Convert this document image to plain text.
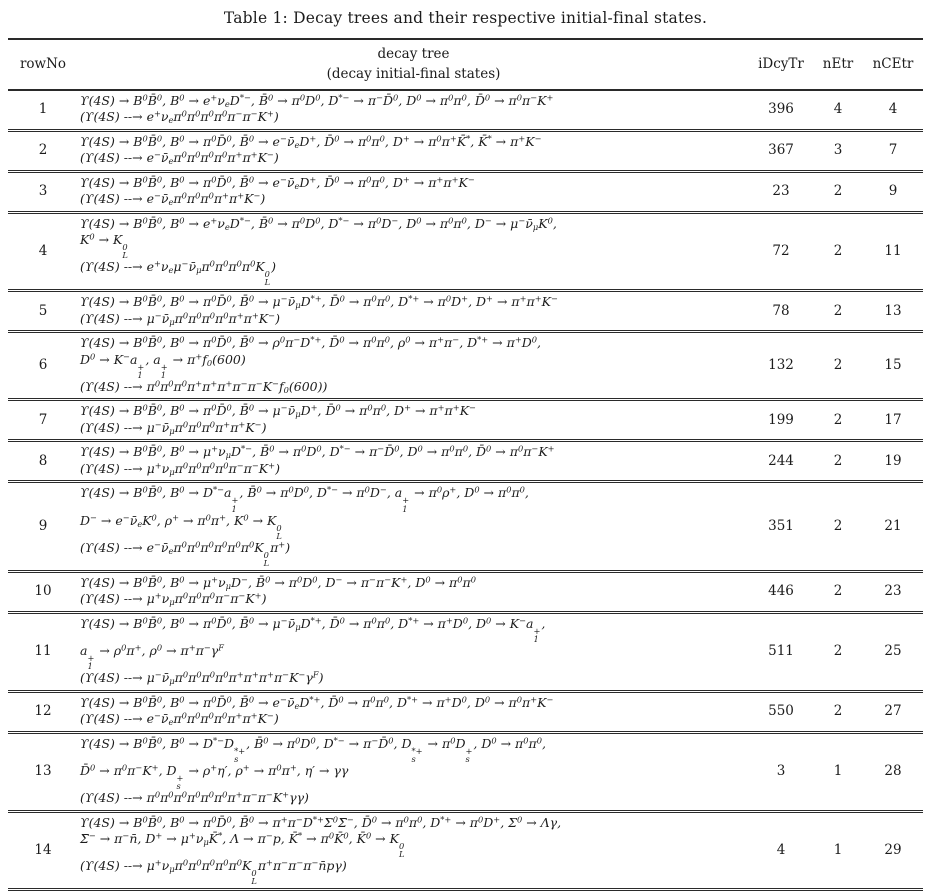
Table 1: Decay trees and their respective initial-final states.
rowNo
decay tree
(decay initial-final states)
iDcyTr	nEtr	nCEtr
1
$ϒ(4S) \to B^0B̄^0$, $B^0 \to e^+\nu_eD^{*-}$, B̄$^0$ → $\pi^0D^0$, D*− → π−D̄$^0$, $D^0 \to \pi^0\pi^0$, D̄$^0$ → $\pi^0\pi^-K^+$
(ϒ(4S) --→ $e^+\nu_e\pi^0\pi^0\pi^0\pi^0\pi^-\pi^-K^+$)	396	4	4
2
$ϒ(4S) \to B^0B̄^0$, $B^0$ → $\pi^0D̄^0$, B̄$^0$ → $e^-\nū_eD^+$, D̄$^0$ → $\pi^0\pi^0$, $D^+ \to \pi^0\pi^+K̄^*$, K̄* → π+K−
(ϒ(4S) --→ $e^-\nū_e\pi^0\pi^0\pi^0\pi^0\pi^+\pi^+K^-$)	367	3	7
3
$ϒ(4S) \to B^0B̄^0$, $B^0$ → $\pi^0D̄^0$, B̄$^0$ → $e^-\nū_eD^+$, D̄$^0$ → $\pi^0\pi^0$, D+ → π+π+K−
(ϒ(4S) --→ $e^-\nū_e\pi^0\pi^0\pi^0\pi^+\pi^+K^-$)	23	2	9
4
$ϒ(4S) \to B^0B̄^0$, $B^0 \to e^+\nu_eD^{*-}$, B̄$^0$ → $\pi^0D^0$, $D^{*-} \to \pi^0D^-$, $D^0 \to \pi^0\pi^0$, $D^- \to \mu^-\nū_\mu K^0$,
$K^0 \to K$ 0
L
(ϒ(4S) --→ $e^+\nu_e\mu^-\nū_\mu\pi^0\pi^0\pi^0\pi^0K$ 0
L
)
72	2	11
5
$ϒ(4S) \to B^0B̄^0$, $B^0$ → $\pi^0D̄^0$, B̄$^0$ → $\mu^-\nū_\mu D^{*+}$, D̄$^0$ → $\pi^0\pi^0$, $D^{*+} \to \pi^0D^+$, D+ → π+π+K−
(ϒ(4S) --→ $\mu^-\nū_\mu\pi^0\pi^0\pi^0\pi^0\pi^+\pi^+K^-$)	78	2	13
6
$ϒ(4S) \to B^0B̄^0$, $B^0$ → $\pi^0D̄^0$, B̄$^0$ → $\rho^0\pi^-D^{*+}$, D̄$^0$ → $\pi^0\pi^0$, $\rho^0 \to \pi^+\pi^-$, $D^{*+} \to \pi^+D^0$,
$D^0 \to K^-a$ +
1
, a +
1
→ $\pi^+f_0(600)$
(ϒ(4S) --→ $\pi^0\pi^0\pi^0\pi^+\pi^+\pi^+\pi^-\pi^-K^-f_0(600)$)
132	2	15
7
$ϒ(4S) \to B^0B̄^0$, $B^0$ → $\pi^0D̄^0$, B̄$^0$ → $\mu^-\nū_\mu D^+$, D̄$^0$ → $\pi^0\pi^0$, D+ → π+π+K−
(ϒ(4S) --→ $\mu^-\nū_\mu\pi^0\pi^0\pi^0\pi^+\pi^+K^-$)	199	2	17
8
$ϒ(4S) \to B^0B̄^0$, $B^0 \to \mu^+\nu_\mu D^{*-}$, B̄$^0$ → $\pi^0D^0$, D*− → π−D̄$^0$, $D^0 \to \pi^0\pi^0$, D̄$^0$ → $\pi^0\pi^-K^+$
(ϒ(4S) --→ $\mu^+\nu_\mu\pi^0\pi^0\pi^0\pi^0\pi^-\pi^-K^+$)	244	2	19
9
$ϒ(4S) \to B^0B̄^0$, $B^0 \to D^{*-}a$ +
1
, B̄$^0$ → $\pi^0D^0$, $D^{*-} \to \pi^0D^-$, a +
1
→ $\pi^0\rho^+$, $D^0 \to \pi^0\pi^0$,
$D^- \to e^-\nū_eK^0$, $\rho^+ \to \pi^0\pi^+$, $K^0 \to K$ 0
L
(ϒ(4S) --→ $e^-\nū_e\pi^0\pi^0\pi^0\pi^0\pi^0\pi^0K$ 0
L
π+)
351	2	21
10
$ϒ(4S) \to B^0B̄^0$, $B^0 \to \mu^+\nu_\mu D^-$, B̄$^0$ → $\pi^0D^0$, D− → π−π−K+, $D^0 \to \pi^0\pi^0$
(ϒ(4S) --→ $\mu^+\nu_\mu\pi^0\pi^0\pi^0\pi^-\pi^-K^+$)	446	2	23
11
$ϒ(4S) \to B^0B̄^0$, $B^0$ → $\pi^0D̄^0$, B̄$^0$ → $\mu^-\nū_\mu D^{*+}$, D̄$^0$ → $\pi^0\pi^0$, $D^{*+} \to \pi^+D^0$, $D^0 \to K^-a$ +
1
,
a +
1
→ $\rho^0\pi^+$, $\rho^0 \to \pi^+\pi^-\gamma^F$
(ϒ(4S) --→ $\mu^-\nū_\mu\pi^0\pi^0\pi^0\pi^0\pi^+\pi^+\pi^+\pi^-K^-\gamma^F$)
511	2	25
12
$ϒ(4S) \to B^0B̄^0$, $B^0$ → $\pi^0D̄^0$, B̄$^0$ → $e^-\nū_eD^{*+}$, D̄$^0$ → $\pi^0\pi^0$, $D^{*+} \to \pi^+D^0$, $D^0 \to \pi^0\pi^+K^-$
(ϒ(4S) --→ $e^-\nū_e\pi^0\pi^0\pi^0\pi^0\pi^+\pi^+K^-$)	550	2	27
13
$ϒ(4S) \to B^0B̄^0$, $B^0 \to D^{*-}D$ *+
s
, B̄$^0$ → $\pi^0D^0$, D*− → π−D̄$^0$, D *+
s
→ $\pi^0D$ +
s
, $D^0 \to \pi^0\pi^0$,
D̄$^0$ → $\pi^0\pi^-K^+$, D +
s
→ ρ+η′, $\rho^+ \to \pi^0\pi^+$, η′ → γγ
(ϒ(4S) --→ $\pi^0\pi^0\pi^0\pi^0\pi^0\pi^0\pi^+\pi^-\pi^-K^+\gamma\gamma$)
3	1	28
14
$ϒ(4S) \to B^0B̄^0$, $B^0$ → $\pi^0D̄^0$, B̄$^0$ → $\pi^+\pi^-D^{*+}\Sigma^0\Sigmā^-$, D̄$^0$ → $\pi^0\pi^0$, $D^{*+} \to \pi^0D^+$, $\Sigma^0 \to \Lambda\gamma$,
Σ̄− → π−n̄, $D^+ \to \mu^+\nu_\mu K̄^*$, Λ → π−p, K̄* → $\pi^0K̄^0$, K̄$^0$ → K 0
L
(ϒ(4S) --→ $\mu^+\nu_\mu\pi^0\pi^0\pi^0\pi^0\pi^0K$ 0
L
π+π−π−π−n̄pγ)
4	1	29
